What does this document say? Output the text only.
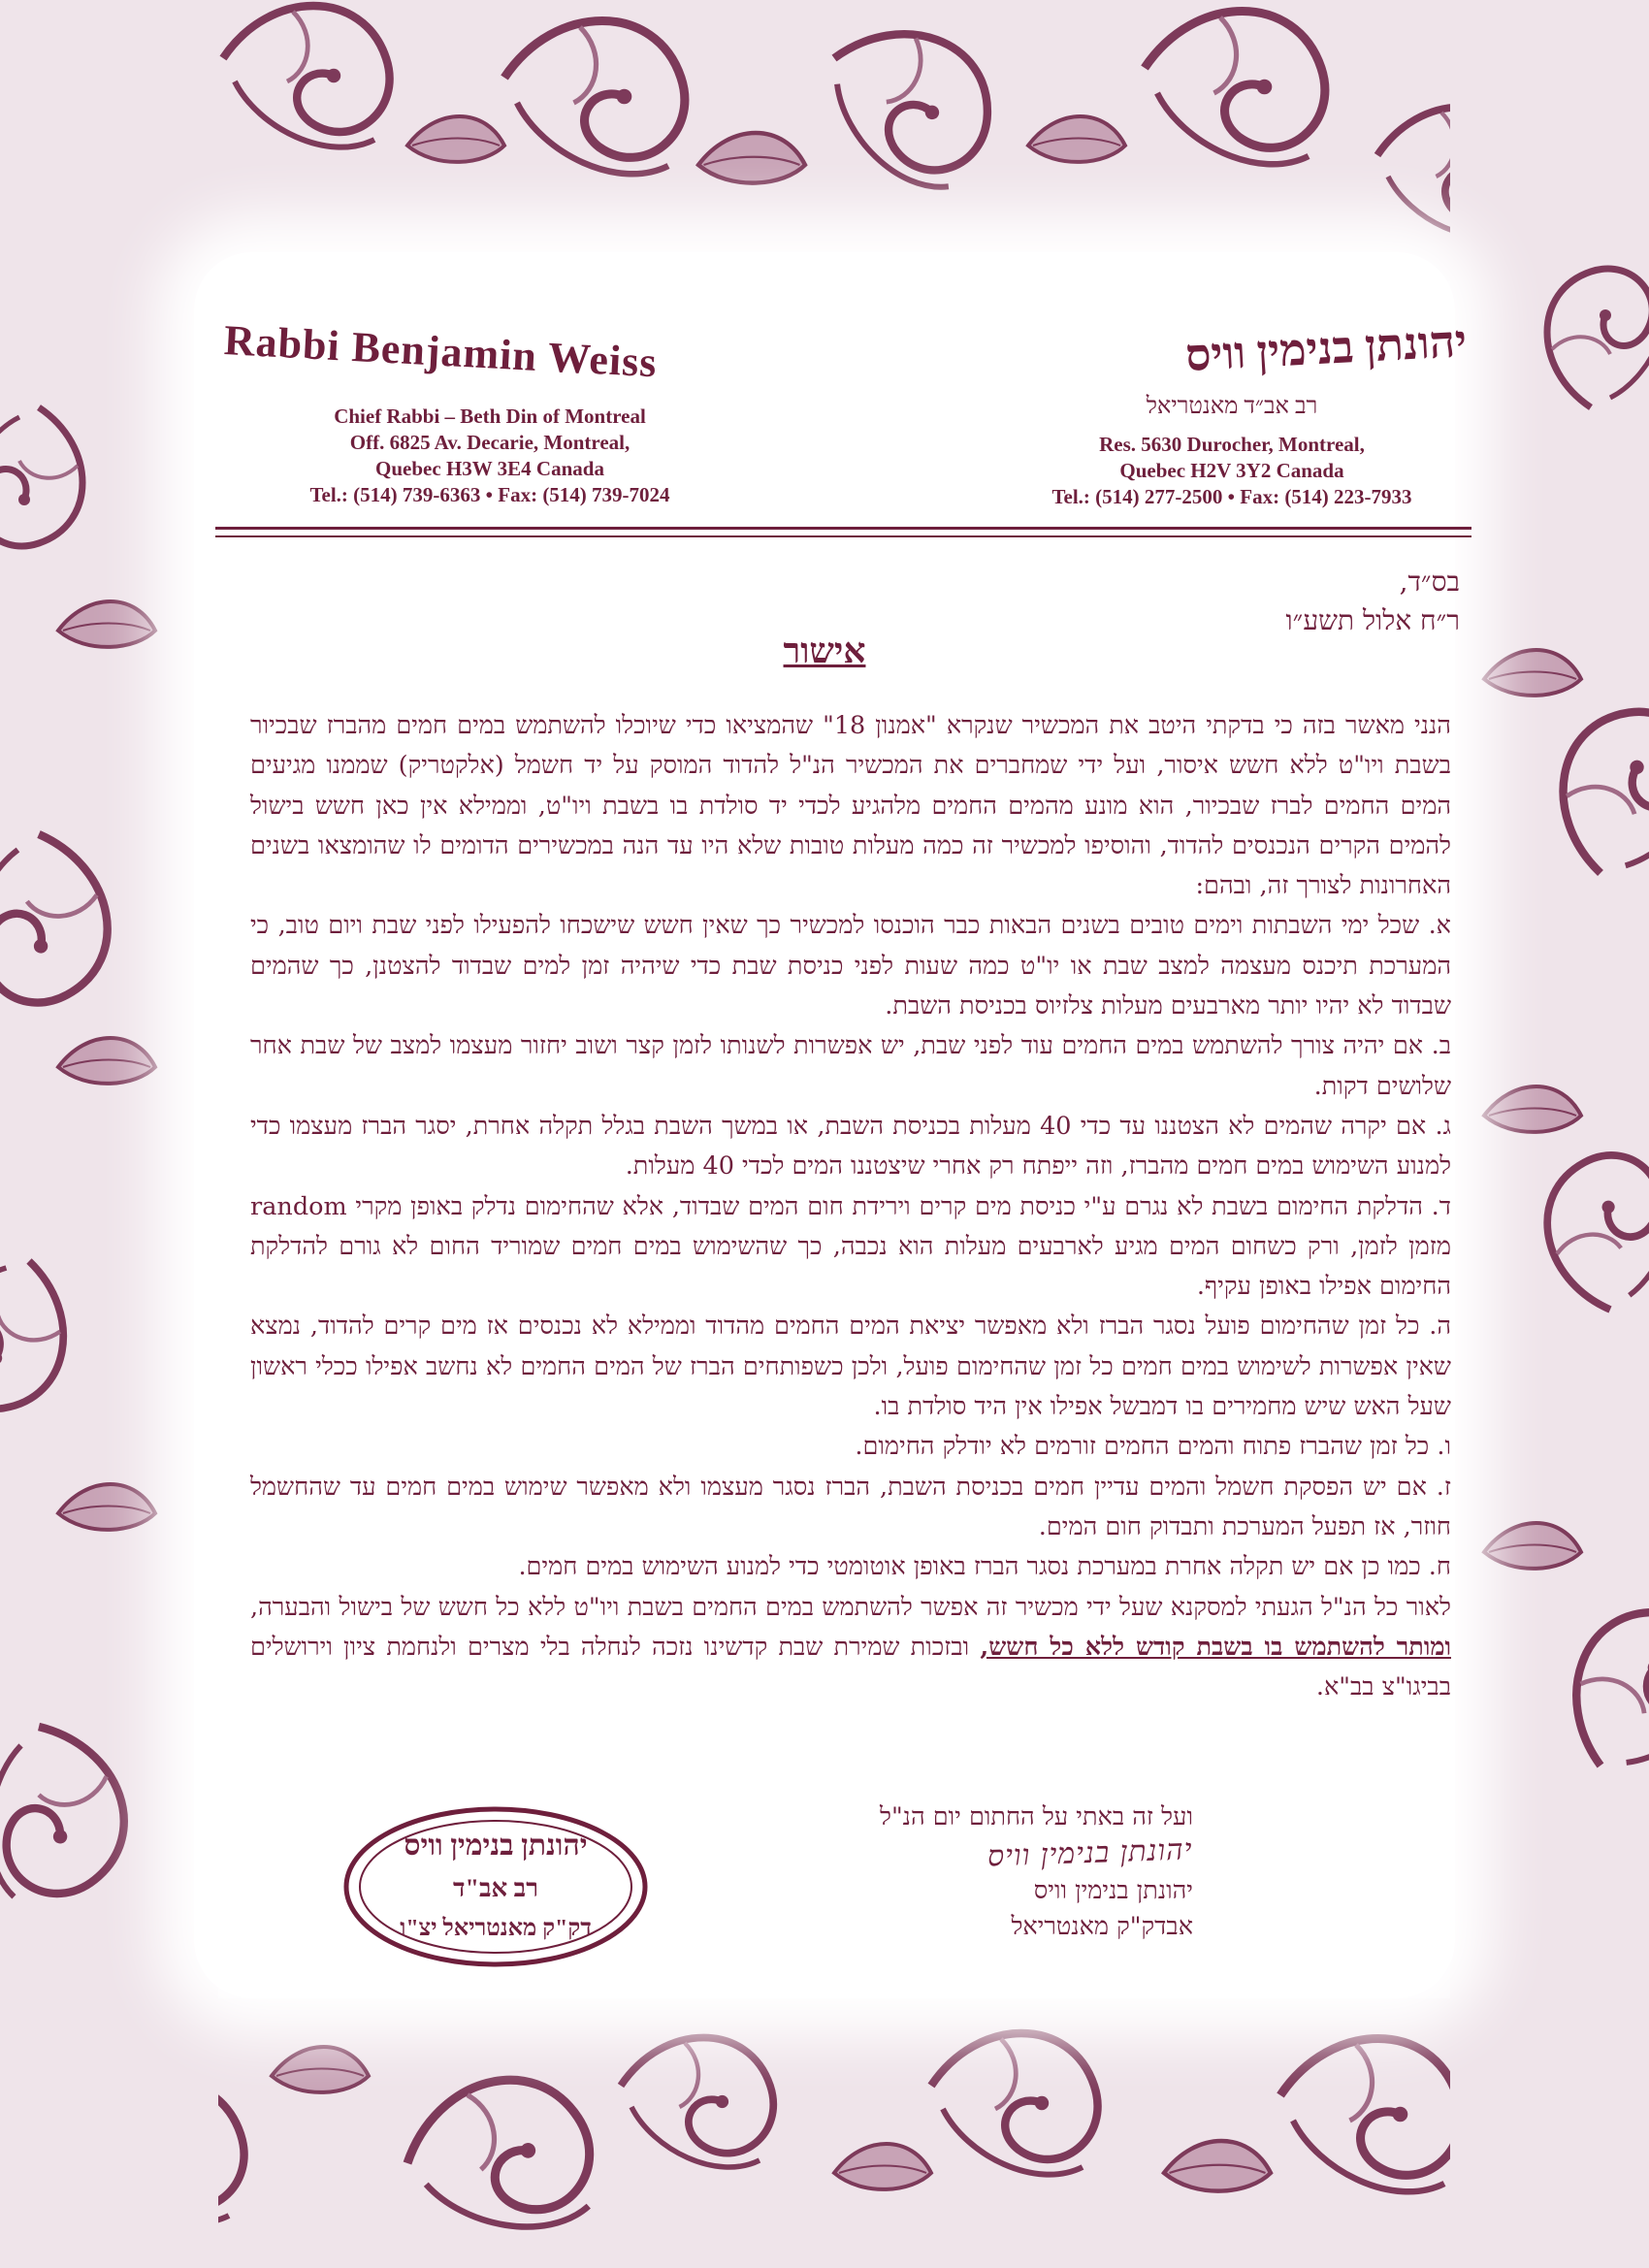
Rabbi Benjamin Weiss
Chief Rabbi – Beth Din of Montreal
Off. 6825 Av. Decarie, Montreal,
Quebec H3W 3E4 Canada
Tel.: (514) 739-6363 • Fax: (514) 739-7024
יהונתן בנימין וויס
רב אב״ד מאנטריאל
Res. 5630 Durocher, Montreal,
Quebec H2V 3Y2 Canada
Tel.: (514) 277-2500 • Fax: (514) 223-7933
בס״ד,
ר״ח אלול תשע״ו
אישור

הנני מאשר בזה כי בדקתי היטב את המכשיר שנקרא "אמנון 18" שהמציאו כדי שיוכלו להשתמש במים חמים מהברז שבכיור בשבת ויו"ט ללא חשש איסור, ועל ידי שמחברים את המכשיר הנ"ל להדוד המוסק על יד חשמל (אלקטריק) שממנו מגיעים המים החמים לברז שבכיור, הוא מונע מהמים החמים מלהגיע לכדי יד סולדת בו בשבת ויו"ט, וממילא אין כאן חשש בישול להמים הקרים הנכנסים להדוד, והוסיפו למכשיר זה כמה מעלות טובות שלא היו עד הנה במכשירים הדומים לו שהומצאו בשנים האחרונות לצורך זה, ובהם:

א. שכל ימי השבתות וימים טובים בשנים הבאות כבר הוכנסו למכשיר כך שאין חשש שישכחו להפעילו לפני שבת ויום טוב, כי המערכת תיכנס מעצמה למצב שבת או יו"ט כמה שעות לפני כניסת שבת כדי שיהיה זמן למים שבדוד להצטנן, כך שהמים שבדוד לא יהיו יותר מארבעים מעלות צלזיוס בכניסת השבת.

ב. אם יהיה צורך להשתמש במים החמים עוד לפני שבת, יש אפשרות לשנותו לזמן קצר ושוב יחזור מעצמו למצב של שבת אחר שלושים דקות.

ג. אם יקרה שהמים לא הצטננו עד כדי 40 מעלות בכניסת השבת, או במשך השבת בגלל תקלה אחרת, יסגר הברז מעצמו כדי למנוע השימוש במים חמים מהברז, וזה ייפתח רק אחרי שיצטננו המים לכדי 40 מעלות.

ד. הדלקת החימום בשבת לא נגרם ע"י כניסת מים קרים וירידת חום המים שבדוד, אלא שהחימום נדלק באופן מקרי random מזמן לזמן, ורק כשחום המים מגיע לארבעים מעלות הוא נכבה, כך שהשימוש במים חמים שמוריד החום לא גורם להדלקת החימום אפילו באופן עקיף.

ה. כל זמן שהחימום פועל נסגר הברז ולא מאפשר יציאת המים החמים מהדוד וממילא לא נכנסים אז מים קרים להדוד, נמצא שאין אפשרות לשימוש במים חמים כל זמן שהחימום פועל, ולכן כשפותחים הברז של המים החמים לא נחשב אפילו ככלי ראשון שעל האש שיש מחמירים בו דמבשל אפילו אין היד סולדת בו.

ו. כל זמן שהברז פתוח והמים החמים זורמים לא יודלק החימום.

ז. אם יש הפסקת חשמל והמים עדיין חמים בכניסת השבת, הברז נסגר מעצמו ולא מאפשר שימוש במים חמים עד שהחשמל חוזר, אז תפעל המערכת ותבדוק חום המים.

ח. כמו כן אם יש תקלה אחרת במערכת נסגר הברז באופן אוטומטי כדי למנוע השימוש במים חמים.

לאור כל הנ"ל הגעתי למסקנא שעל ידי מכשיר זה אפשר להשתמש במים החמים בשבת ויו"ט ללא כל חשש של בישול והבערה, ומותר להשתמש בו בשבת קודש ללא כל חשש, ובזכות שמירת שבת קדשינו נזכה לנחלה בלי מצרים ולנחמת ציון וירושלים בביגו"צ בב"א.

יהונתן בנימין וויס
רב אב"ד
דק"ק מאנטריאל יצ"ו
ועל זה באתי על החתום יום הנ"ל
יהונתן בנימין וויס
יהונתן בנימין וויס
אבדק"ק מאנטריאל
